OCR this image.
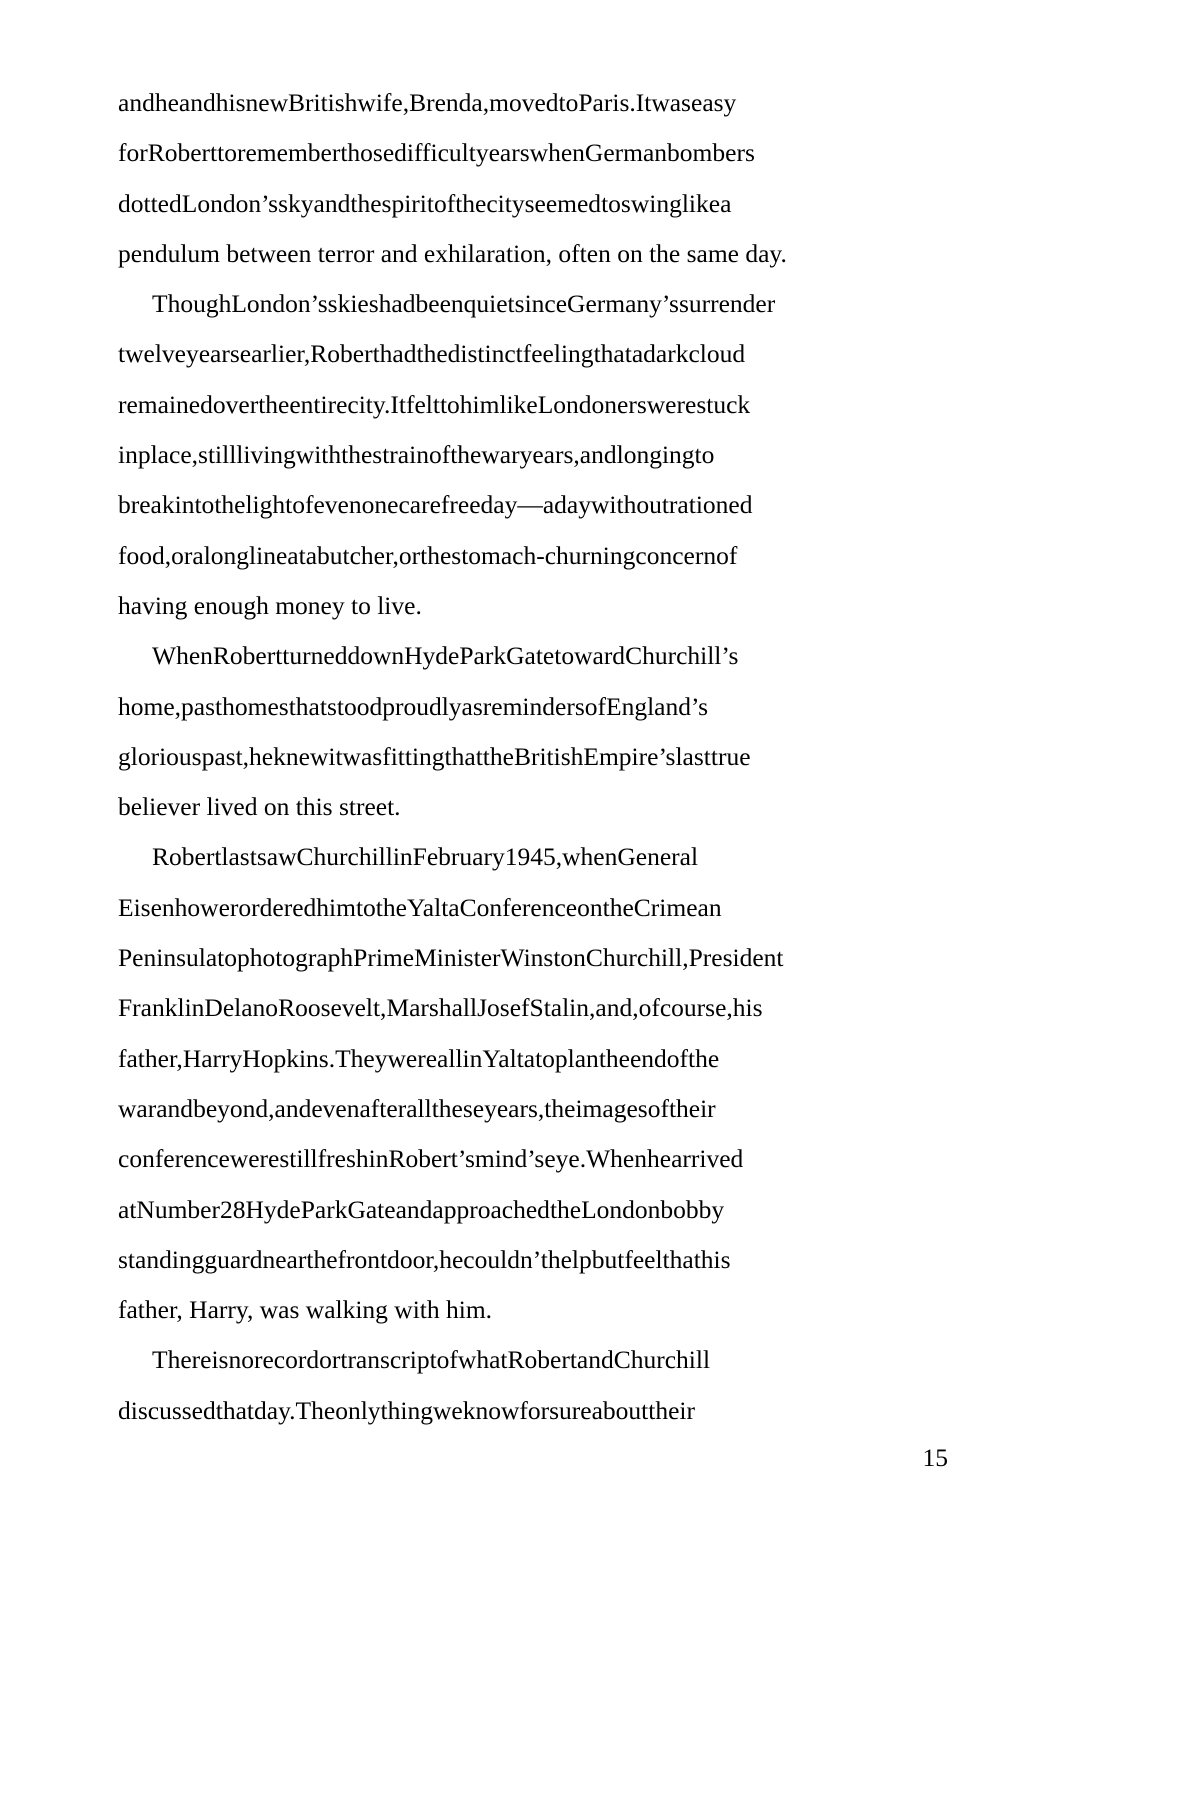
andheandhisnewBritishwife,Brenda,movedtoParis.Itwaseasy
forRoberttorememberthosedifficultyearswhenGermanbombers
dottedLondon’sskyandthespiritofthecityseemedtoswinglikea
pendulum between terror and exhilaration, often on the same day.

ThoughLondon’sskieshadbeenquietsinceGermany’ssurrender
twelveyearsearlier,Roberthadthedistinctfeelingthatadarkcloud
remainedovertheentirecity.ItfelttohimlikeLondonerswerestuck
inplace,stilllivingwiththestrainofthewaryears,andlongingto
breakintothelightofevenonecarefreeday—adaywithoutrationed
food,oralonglineatabutcher,orthestomach-churningconcernof
having enough money to live.

WhenRobertturneddownHydeParkGatetowardChurchill’s
home,pasthomesthatstoodproudlyasremindersofEngland’s
gloriouspast,heknewitwasfittingthattheBritishEmpire’slasttrue
believer lived on this street.

RobertlastsawChurchillinFebruary1945,whenGeneral
EisenhowerorderedhimtotheYaltaConferenceontheCrimean
PeninsulatophotographPrimeMinisterWinstonChurchill,President
FranklinDelanoRoosevelt,MarshallJosefStalin,and,ofcourse,his
father,HarryHopkins.TheywereallinYaltatoplantheendofthe
warandbeyond,andevenafteralltheseyears,theimagesoftheir
conferencewerestillfreshinRobert’smind’seye.Whenhearrived
atNumber28HydeParkGateandapproachedtheLondonbobby
standingguardnearthefrontdoor,hecouldn’thelpbutfeelthathis
father, Harry, was walking with him.

ThereisnorecordortranscriptofwhatRobertandChurchill
discussedthatday.Theonlythingweknowforsureabouttheir

15
